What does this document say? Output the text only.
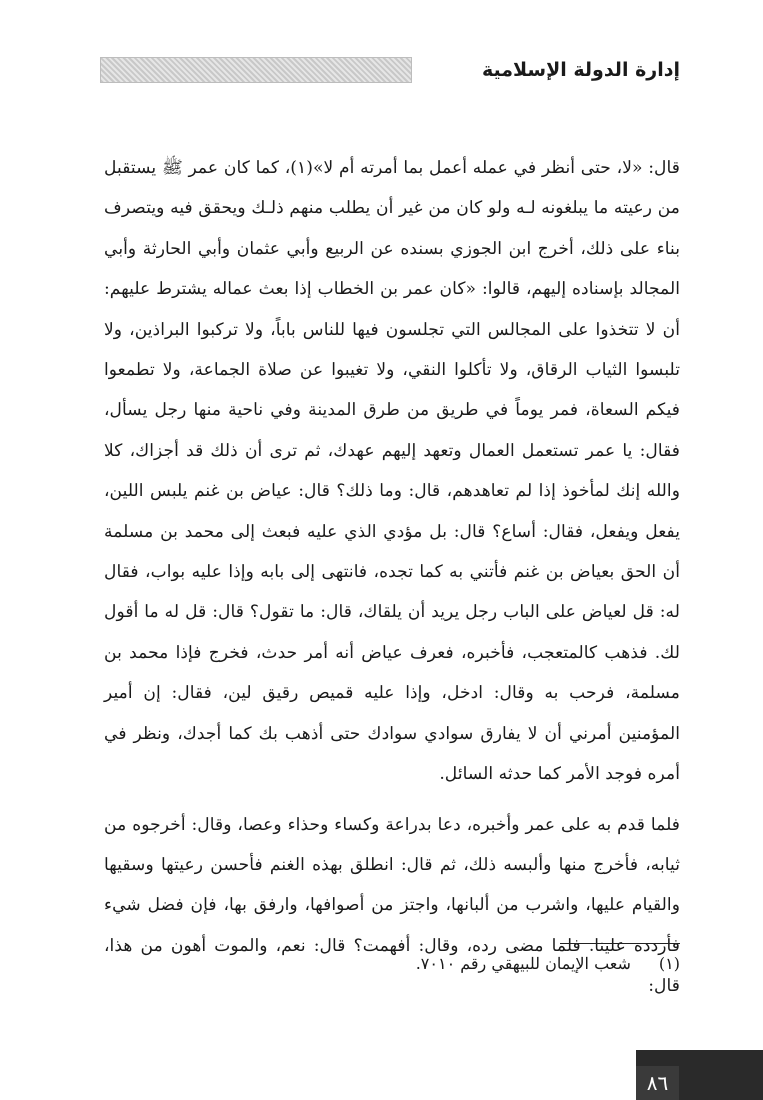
إدارة الدولة الإسلامية

قال: «لا، حتى أنظر في عمله أعمل بما أمرته أم لا»(١)، كما كان عمر ﷺ يستقبل من رعيته ما يبلغونه لـه ولو كان من غير أن يطلب منهم ذلـك ويحقق فيه ويتصرف بناء على ذلك، أخرج ابن الجوزي بسنده عن الربيع وأبي عثمان وأبي الحارثة وأبي المجالد بإسناده إليهم، قالوا: «كان عمر بن الخطاب إذا بعث عماله يشترط عليهم: أن لا تتخذوا على المجالس التي تجلسون فيها للناس باباً، ولا تركبوا البراذين، ولا تلبسوا الثياب الرقاق، ولا تأكلوا النقي، ولا تغيبوا عن صلاة الجماعة، ولا تطمعوا فيكم السعاة، فمر يوماً في طريق من طرق المدينة وفي ناحية منها رجل يسأل، فقال: يا عمر تستعمل العمال وتعهد إليهم عهدك، ثم ترى أن ذلك قد أجزاك، كلا والله إنك لمأخوذ إذا لم تعاهدهم، قال: وما ذلك؟ قال: عياض بن غنم يلبس اللين، يفعل ويفعل، فقال: أساع؟ قال: بل مؤدي الذي عليه فبعث إلى محمد بن مسلمة أن الحق بعياض بن غنم فأتني به كما تجده، فانتهى إلى بابه وإذا عليه بواب، فقال له: قل لعياض على الباب رجل يريد أن يلقاك، قال: ما تقول؟ قال: قل له ما أقول لك. فذهب كالمتعجب، فأخبره، فعرف عياض أنه أمر حدث، فخرج فإذا محمد بن مسلمة، فرحب به وقال: ادخل، وإذا عليه قميص رقيق لين، فقال: إن أمير المؤمنين أمرني أن لا يفارق سوادي سوادك حتى أذهب بك كما أجدك، ونظر في أمره فوجد الأمر كما حدثه السائل.

فلما قدم به على عمر وأخبره، دعا بدراعة وكساء وحذاء وعصا، وقال: أخرجوه من ثيابه، فأخرج منها وألبسه ذلك، ثم قال: انطلق بهذه الغنم فأحسن رعيتها وسقيها والقيام عليها، واشرب من ألبانها، واجتز من أصوافها، وارفق بها، فإن فضل شيء فأردده علينا. فلما مضى رده، وقال: أفهمت؟ قال: نعم، والموت أهون من هذا، قال:

(١)شعب الإيمان للبيهقي رقم ٧٠١٠.
٨٦
